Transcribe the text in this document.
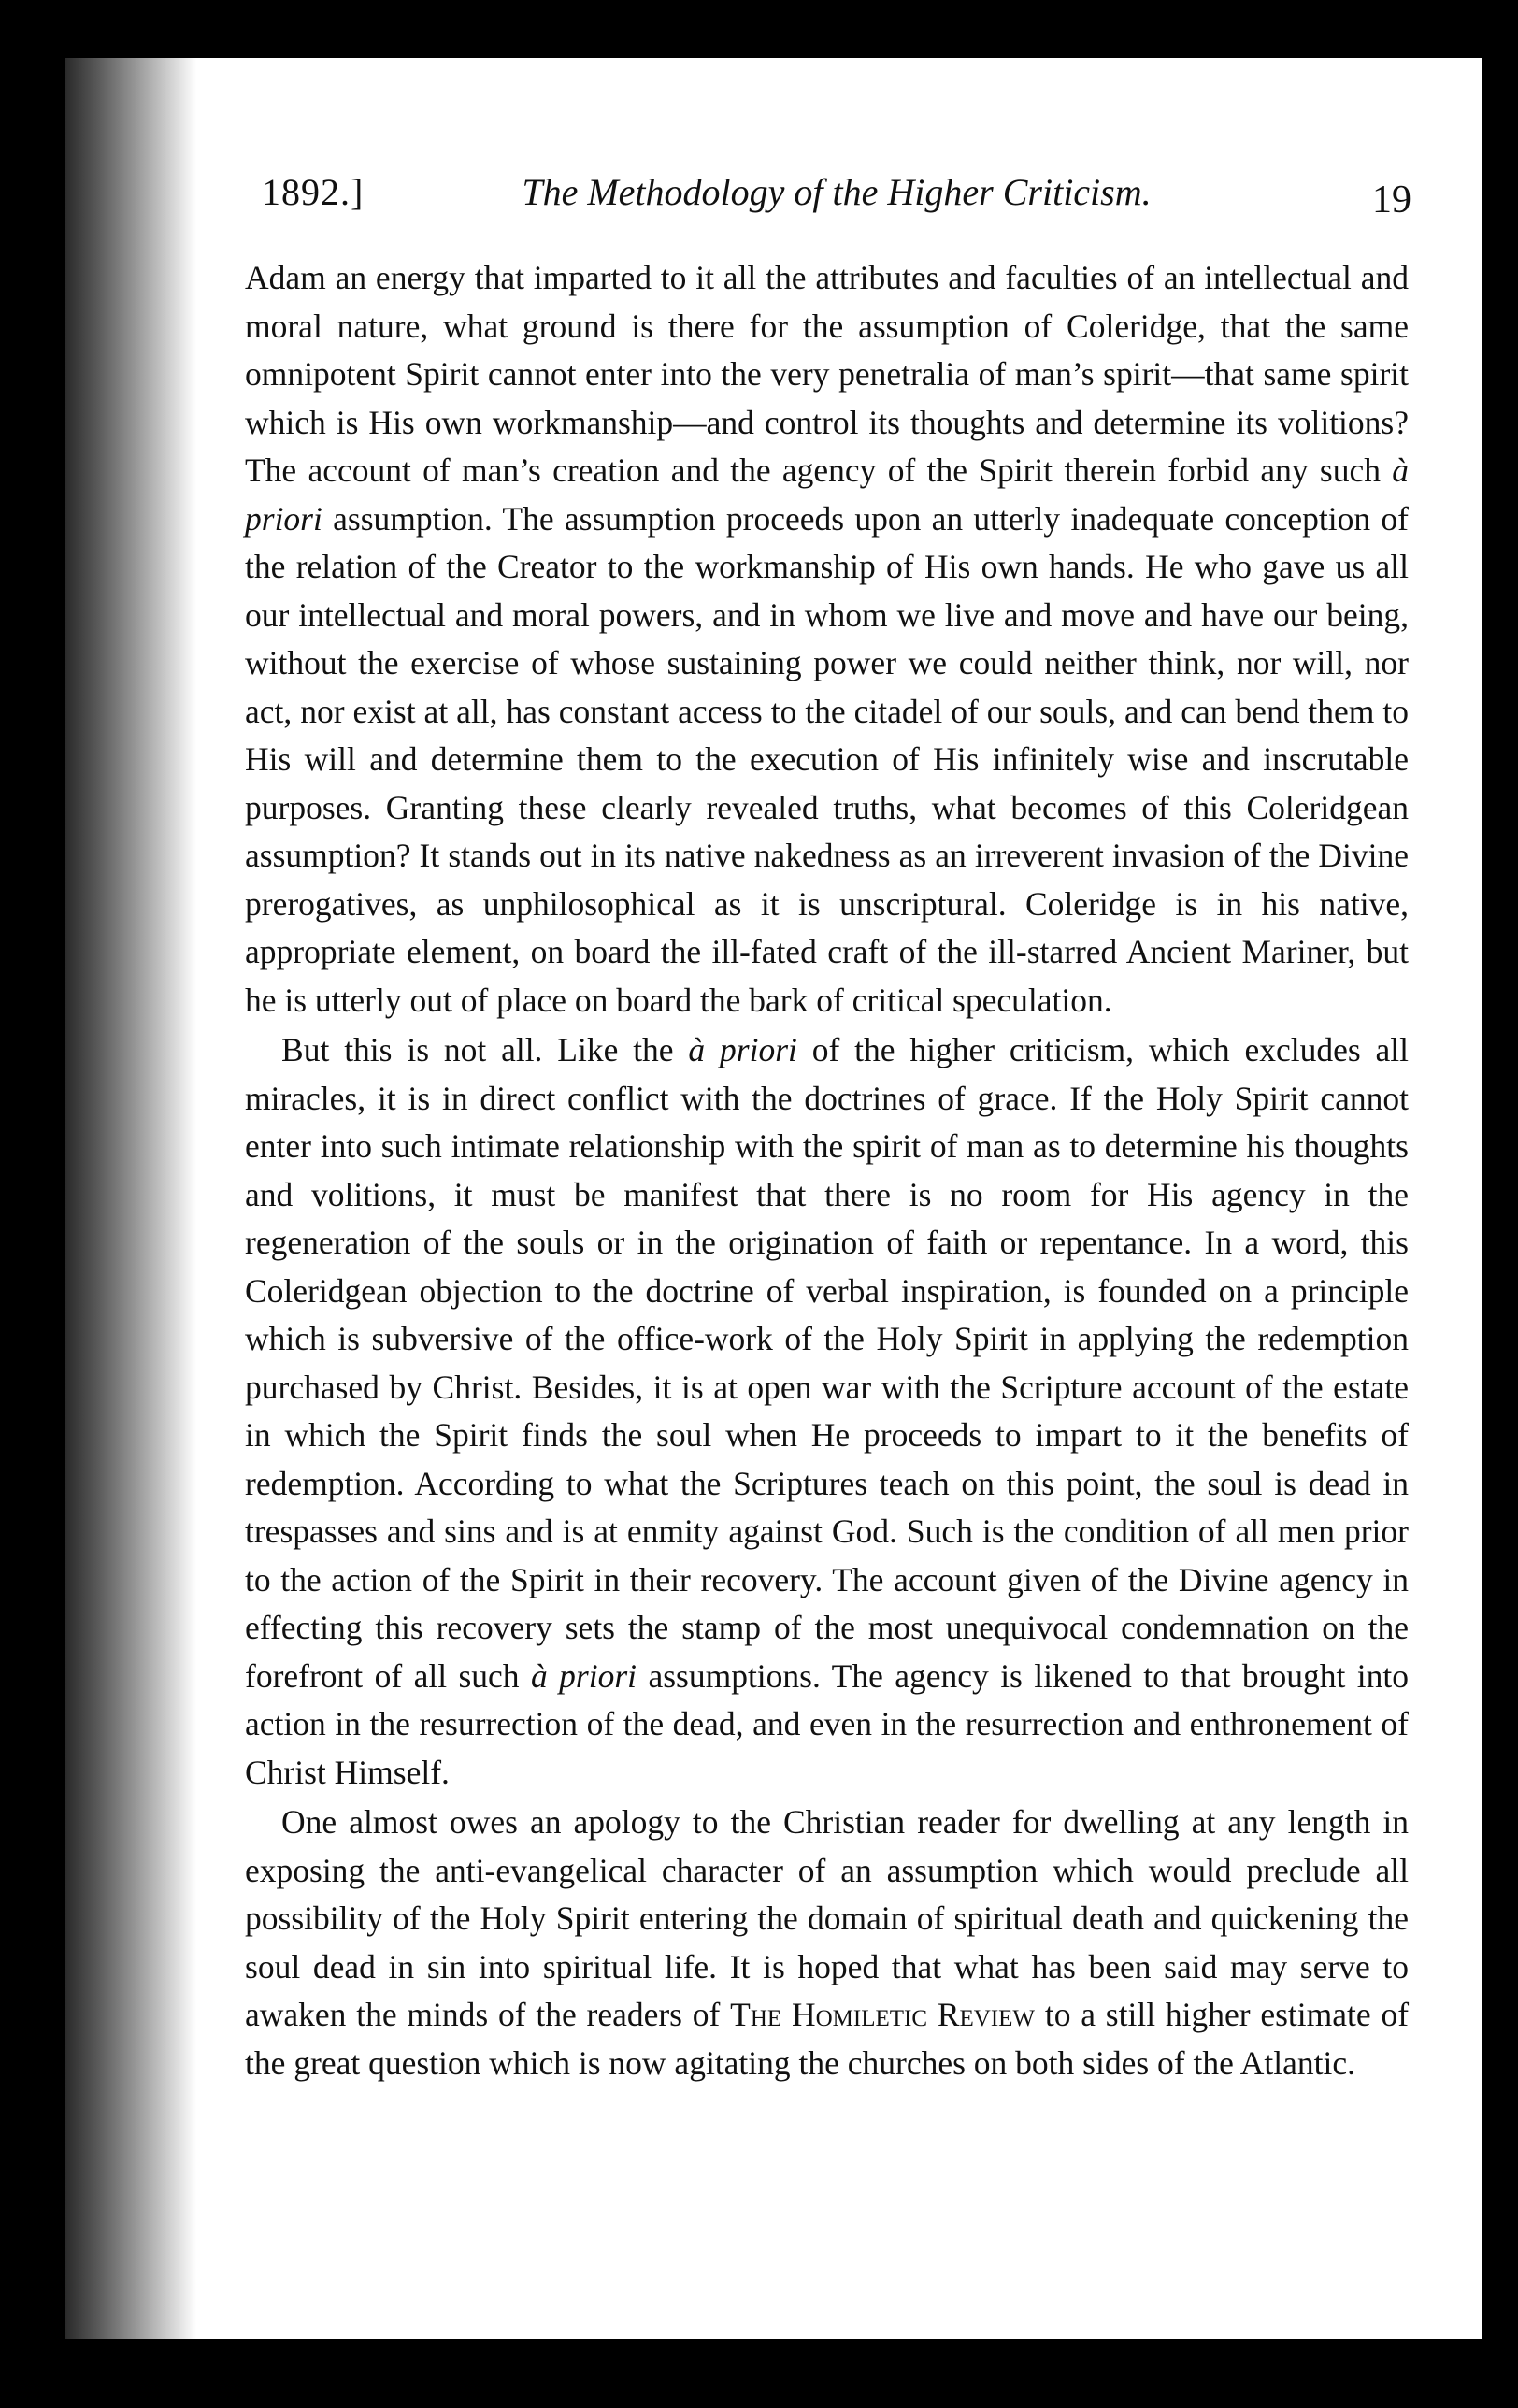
1892.]	The Methodology of the Higher Criticism.	19

Adam an energy that imparted to it all the attributes and faculties of an intellectual and moral nature, what ground is there for the assumption of Coleridge, that the same omnipotent Spirit cannot enter into the very penetralia of man’s spirit—that same spirit which is His own workmanship—and control its thoughts and determine its volitions? The account of man’s creation and the agency of the Spirit therein forbid any such à priori assumption. The assumption proceeds upon an utterly inadequate conception of the relation of the Creator to the workmanship of His own hands. He who gave us all our intellectual and moral powers, and in whom we live and move and have our being, without the exercise of whose sustaining power we could neither think, nor will, nor act, nor exist at all, has constant access to the citadel of our souls, and can bend them to His will and determine them to the execution of His infinitely wise and inscrutable purposes. Granting these clearly revealed truths, what becomes of this Coleridgean assumption? It stands out in its native nakedness as an irreverent invasion of the Divine prerogatives, as unphilosophical as it is unscriptural. Coleridge is in his native, appropriate element, on board the ill-fated craft of the ill-starred Ancient Mariner, but he is utterly out of place on board the bark of critical speculation.

But this is not all. Like the à priori of the higher criticism, which excludes all miracles, it is in direct conflict with the doctrines of grace. If the Holy Spirit cannot enter into such intimate relationship with the spirit of man as to determine his thoughts and volitions, it must be manifest that there is no room for His agency in the regeneration of the souls or in the origination of faith or repentance. In a word, this Coleridgean objection to the doctrine of verbal inspiration, is founded on a principle which is subversive of the office-work of the Holy Spirit in applying the redemption purchased by Christ. Besides, it is at open war with the Scripture account of the estate in which the Spirit finds the soul when He proceeds to impart to it the benefits of redemption. According to what the Scriptures teach on this point, the soul is dead in trespasses and sins and is at enmity against God. Such is the condition of all men prior to the action of the Spirit in their recovery. The account given of the Divine agency in effecting this recovery sets the stamp of the most unequivocal condemnation on the forefront of all such à priori assumptions. The agency is likened to that brought into action in the resurrection of the dead, and even in the resurrection and enthronement of Christ Himself.

One almost owes an apology to the Christian reader for dwelling at any length in exposing the anti-evangelical character of an assumption which would preclude all possibility of the Holy Spirit entering the domain of spiritual death and quickening the soul dead in sin into spiritual life. It is hoped that what has been said may serve to awaken the minds of the readers of The Homiletic Review to a still higher estimate of the great question which is now agitating the churches on both sides of the Atlantic.
